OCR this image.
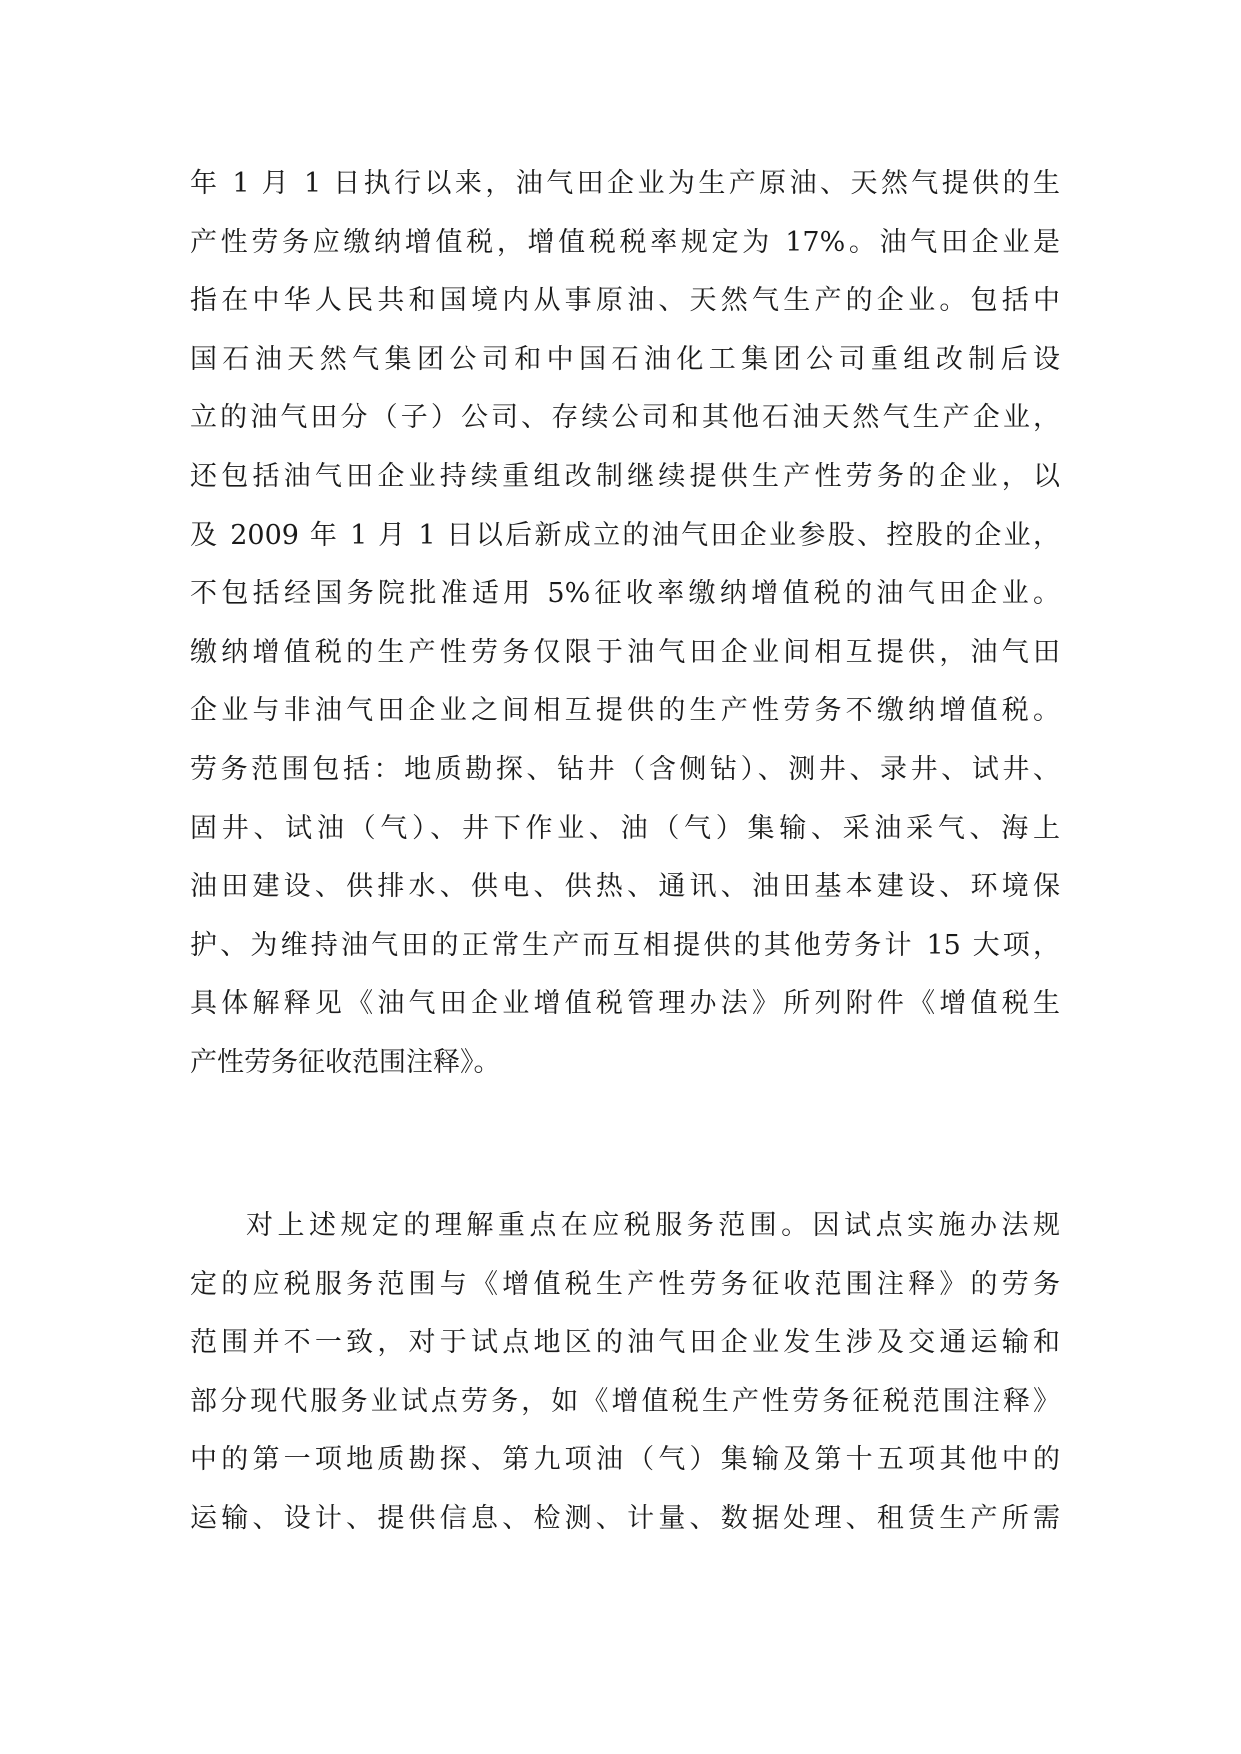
年 1 月 1 日执行以来，油气田企业为生产原油、天然气提供的生
产性劳务应缴纳增值税，增值税税率规定为 17%。油气田企业是
指在中华人民共和国境内从事原油、天然气生产的企业。包括中
国石油天然气集团公司和中国石油化工集团公司重组改制后设
立的油气田分（子）公司、存续公司和其他石油天然气生产企业，
还包括油气田企业持续重组改制继续提供生产性劳务的企业，以
及 2009 年 1 月 1 日以后新成立的油气田企业参股、控股的企业，
不包括经国务院批准适用 5%征收率缴纳增值税的油气田企业。
缴纳增值税的生产性劳务仅限于油气田企业间相互提供，油气田
企业与非油气田企业之间相互提供的生产性劳务不缴纳增值税。
劳务范围包括：地质勘探、钻井（含侧钻）、测井、录井、试井、
固井、试油（气）、井下作业、油（气）集输、采油采气、海上
油田建设、供排水、供电、供热、通讯、油田基本建设、环境保
护、为维持油气田的正常生产而互相提供的其他劳务计 15 大项，
具体解释见《油气田企业增值税管理办法》所列附件《增值税生
产性劳务征收范围注释》。
对上述规定的理解重点在应税服务范围。因试点实施办法规
定的应税服务范围与《增值税生产性劳务征收范围注释》的劳务
范围并不一致，对于试点地区的油气田企业发生涉及交通运输和
部分现代服务业试点劳务，如《增值税生产性劳务征税范围注释》
中的第一项地质勘探、第九项油（气）集输及第十五项其他中的
运输、设计、提供信息、检测、计量、数据处理、租赁生产所需
